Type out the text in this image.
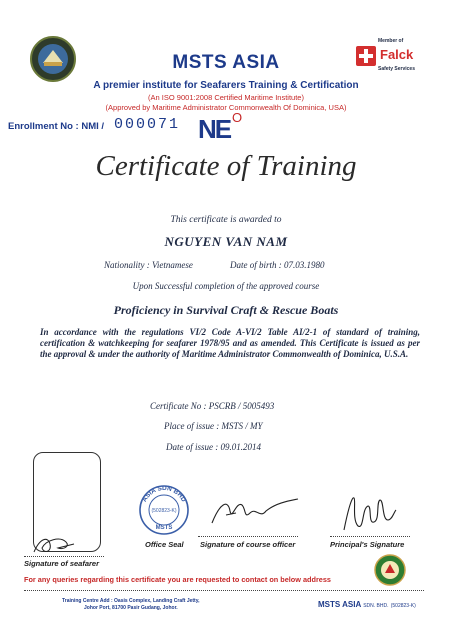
Member of
Falck
Safety Services
MSTS ASIA
A premier institute for Seafarers Training & Certification
(An ISO 9001:2008 Certified Maritime Institute)
(Approved by Maritime Administrator Commonwealth Of Dominica, USA)
Enrollment No : NMI / 000071 NE O
Certificate of Training
This certificate is awarded to
NGUYEN VAN NAM
Nationality : Vietnamese	Date of birth : 07.03.1980
Upon Successful completion of the approved course
Proficiency in Survival Craft & Rescue Boats
In accordance with the regulations VI/2 Code A-VI/2 Table AI/2-1 of standard of training, certification & watchkeeping for seafarer 1978/95 and as amended. This Certificate is issued as per the approval & under the authority of Maritime Administrator Commonwealth of Dominica, U.S.A.
Certificate No : PSCRB / 5005493
Place of issue : MSTS / MY
Date of issue : 09.01.2014
Signature of seafarer
ASIA SDN BHD
(502823-K)
MSTS
Office Seal Signature of course officer	Principal's Signature
For any queries regarding this certificate you are requested to contact on below address
Training Centre Add : Oasis Complex, Landing Craft Jetty,
Johor Port, 81700 Pasir Gudang, Johor.	MSTS ASIA SDN. BHD. (502823-K)
